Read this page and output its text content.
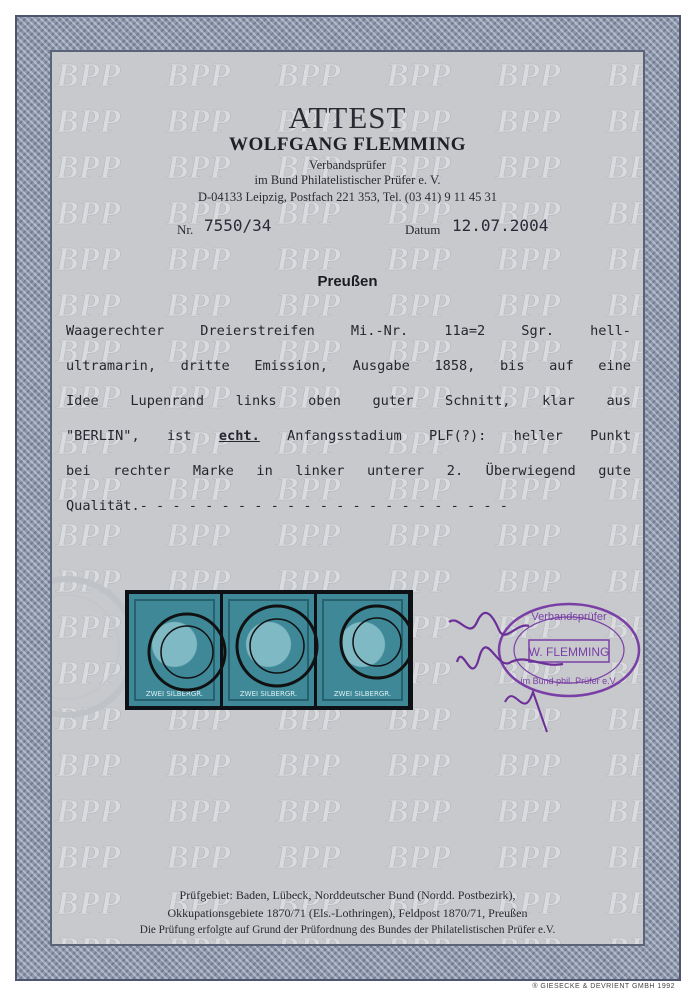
ATTEST
WOLFGANG FLEMMING
Verbandsprüfer
im Bund Philatelistischer Prüfer e. V.
D-04133 Leipzig, Postfach 221 353, Tel. (03 41) 9 11 45 31
Nr. 7550/34	Datum 12.07.2004
Preußen
Waagerechter Dreierstreifen Mi.-Nr. 11a=2 Sgr. hell-
ultramarin, dritte Emission, Ausgabe 1858, bis auf eine
Idee Lupenrand links oben guter Schnitt, klar aus
"BERLIN", ist echt. Anfangsstadium PLF(?): heller Punkt
bei rechter Marke in linker unterer 2. Überwiegend gute
Qualität.- - - - - - - - - - - - - - - - - - - - - - -
ZWEI SILBERGR.	ZWEI SILBERGR.	ZWEI SILBERGR.
Verbandsprüfer
W. FLEMMING
im Bund phil. Prüfer e.V.
Prüfgebiet: Baden, Lübeck, Norddeutscher Bund (Nordd. Postbezirk),
Okkupationsgebiete 1870/71 (Els.-Lothringen), Feldpost 1870/71, Preußen
Die Prüfung erfolgte auf Grund der Prüfordnung des Bundes der Philatelistischen Prüfer e.V.
® GIESECKE & DEVRIENT GMBH 1992
